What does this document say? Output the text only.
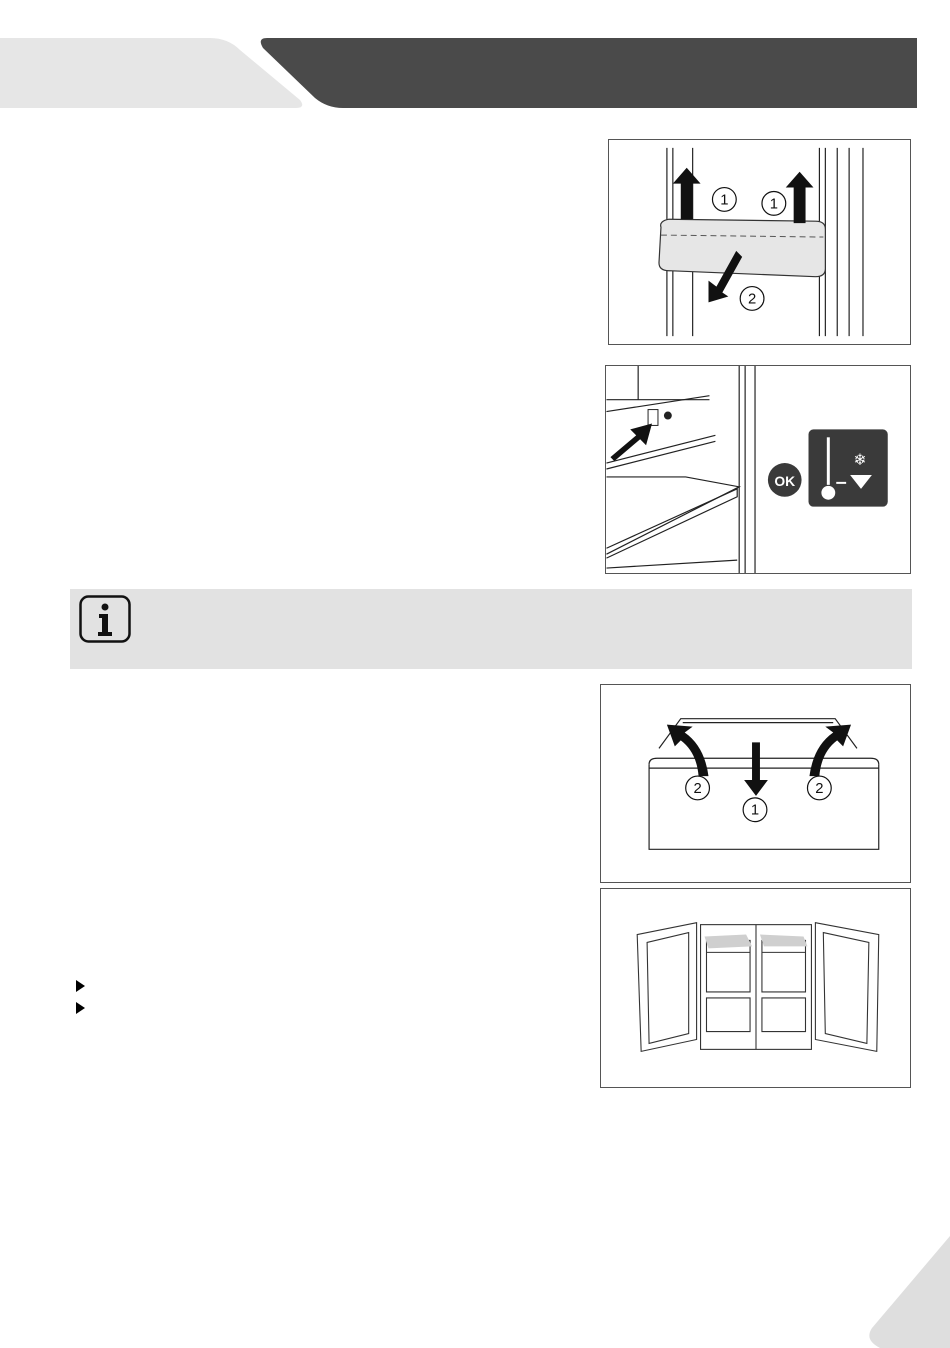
1	1
2
OK
❄
2
1
2
